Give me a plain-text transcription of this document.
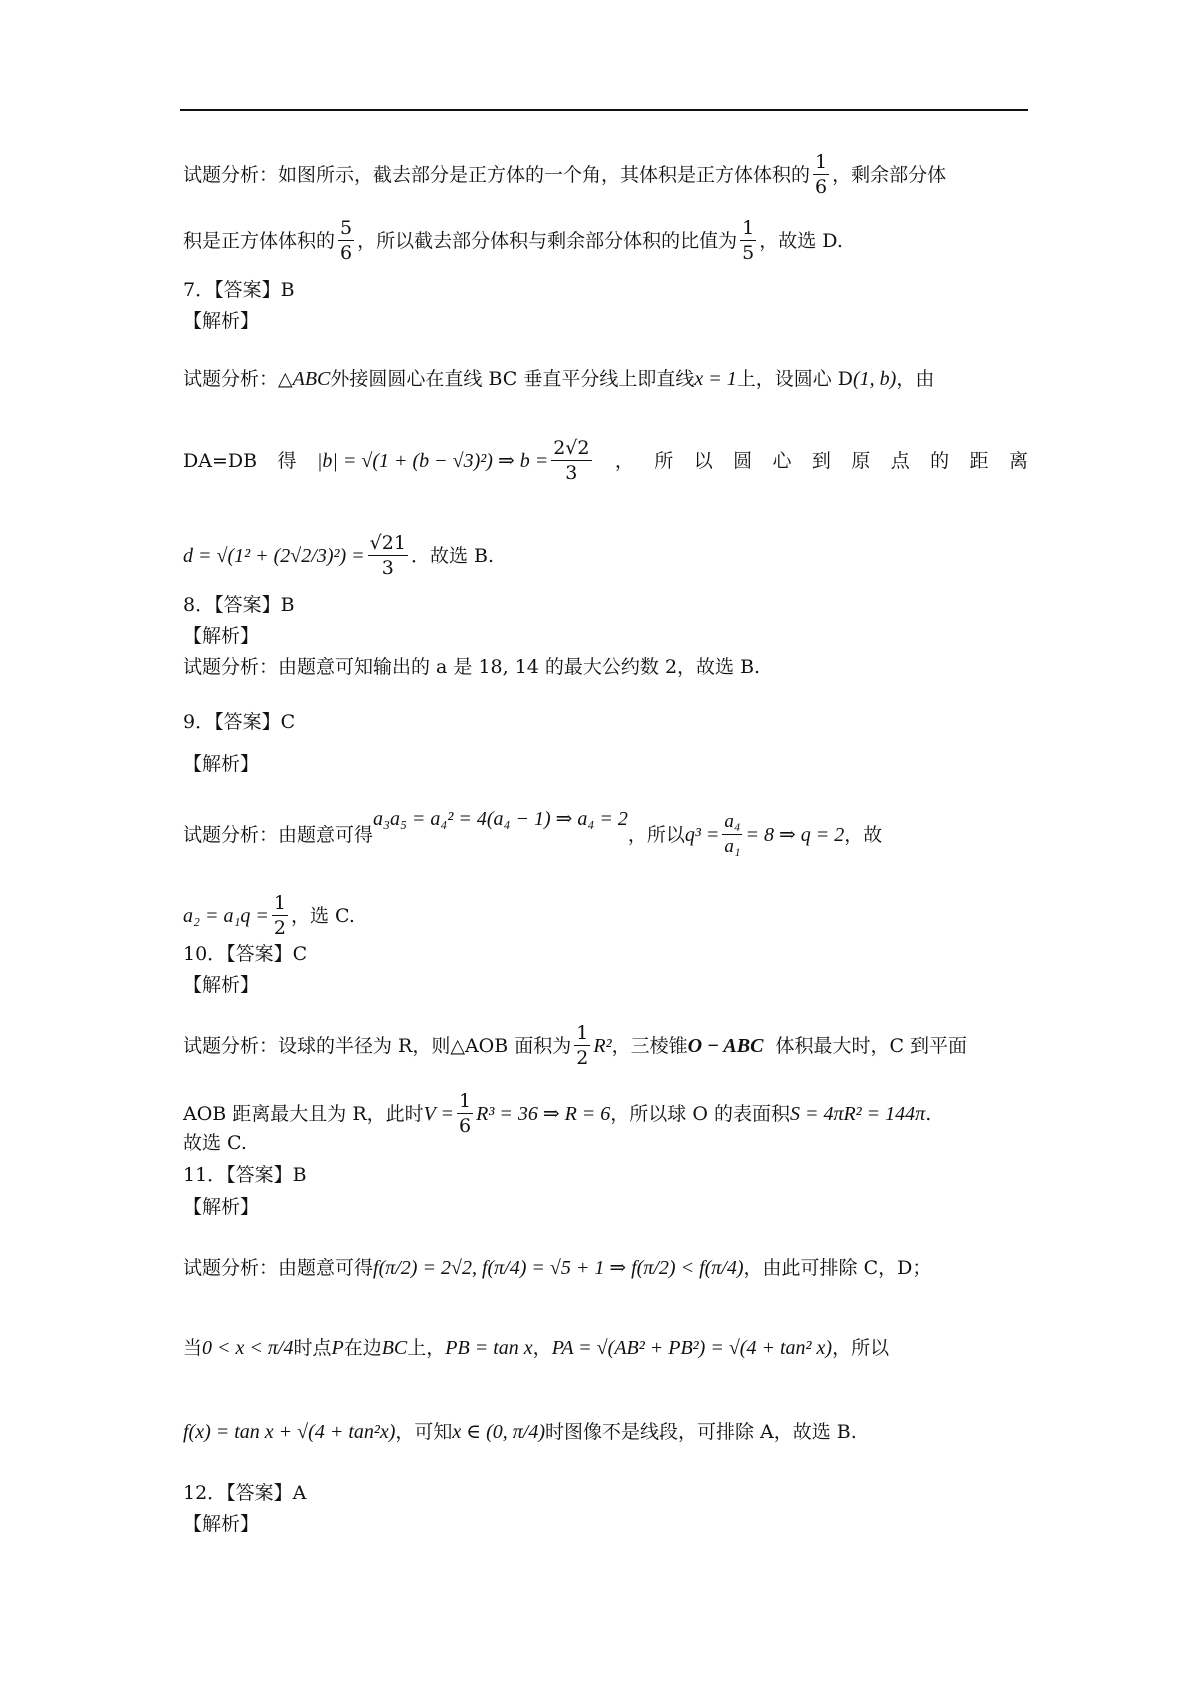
试题分析：如图所示，截去部分是正方体的一个角，其体积是正方体体积的 $\frac{1}{6}$ ，剩余部分体
积是正方体体积的 $\frac{5}{6}$ ，所以截去部分体积与剩余部分体积的比值为 $\frac{1}{5}$ ，故选 D.
7．【答案】B
【解析】
试题分析：△ ABC 外接圆圆心在直线 BC 垂直平分线上即直线 x = 1 上，设圆心 D (1, b) ，由
DA=DB 得 |b| = √(1 + (b − √3)²) ⇒ $b = \frac{2√2}{3}$ ， 所 以 圆 心 到 原 点 的 距 离
$d = √(1^2 + (2√2/3)^2) = \frac{√21}{3}$ ．故选 B.
8．【答案】B
【解析】
试题分析：由题意可知输出的 a 是 18, 14 的最大公约数 2，故选 B.
9．【答案】C
【解析】
试题分析：由题意可得
a₃a₅ = a₄² = 4(a₄ − 1) ⇒ a₄ = 2
，所以 $q^3 = \frac{\text{a₄}}{\text{a₁}} = 8$ ⇒ q = 2 ，故
$a_2 = a_1q = \frac{1}{2}$ ，选 C.
10．【答案】C
【解析】
试题分析：设球的半径为 R，则△AOB 面积为 $\frac{1}{2} R^2$ ，三棱锥 O − ABC 体积最大时，C 到平面
AOB 距离最大且为 R，此时 $V = \frac{1}{6} R^3 = 36$ ⇒ R = 6 ，所以球 O 的表面积 S = 4πR² = 144π .
故选 C.
11．【答案】B
【解析】
试题分析：由题意可得 f(π/2) = 2√2, f(π/4) = √5 + 1 ⇒ f(π/2) < f(π/4) ，由此可排除 C，D；
当 0 < x < π/4 时点 P 在边 BC 上， PB = tan x ， PA = √(AB² + PB²) = √(4 + tan² x) ，所以
f(x) = tan x + √(4 + tan²x) ，可知 x ∈ (0, π/4) 时图像不是线段，可排除 A，故选 B.
12．【答案】A
【解析】
